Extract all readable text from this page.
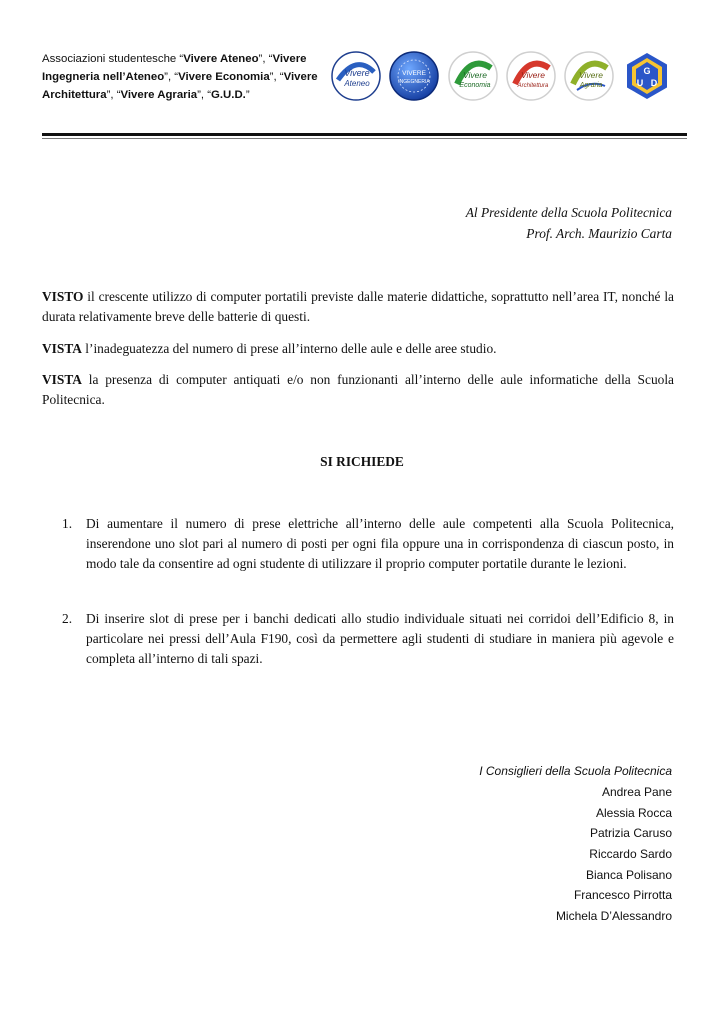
Associazioni studentesche “Vivere Ateneo”, “Vivere Ingegneria nell’Ateneo”, “Vivere Economia”, “Vivere Architettura”, “Vivere Agraria”, “G.U.D.”
Vivere
Ateneo
VIVERE
INGEGNERIA
Vivere
Economia
Vivere
Architettura
Vivere
Agraria
G
U D
Al Presidente della Scuola Politecnica
Prof. Arch. Maurizio Carta
VISTO il crescente utilizzo di computer portatili previste dalle materie didattiche, soprattutto nell’area IT, nonché la durata relativamente breve delle batterie di questi.
VISTA l’inadeguatezza del numero di prese all’interno delle aule e delle aree studio.
VISTA la presenza di computer antiquati e/o non funzionanti all’interno delle aule informatiche della Scuola Politecnica.
SI RICHIEDE
1.	Di aumentare il numero di prese elettriche all’interno delle aule competenti alla Scuola Politecnica, inserendone uno slot pari al numero di posti per ogni fila oppure una in corrispondenza di ciascun posto, in modo tale da consentire ad ogni studente di utilizzare il proprio computer portatile durante le lezioni.
2.	Di inserire slot di prese per i banchi dedicati allo studio individuale situati nei corridoi dell’Edificio 8, in particolare nei pressi dell’Aula F190, così da permettere agli studenti di studiare in maniera più agevole e completa all’interno di tali spazi.
I Consiglieri della Scuola Politecnica
Andrea Pane
Alessia Rocca
Patrizia Caruso
Riccardo Sardo
Bianca Polisano
Francesco Pirrotta
Michela D’Alessandro
